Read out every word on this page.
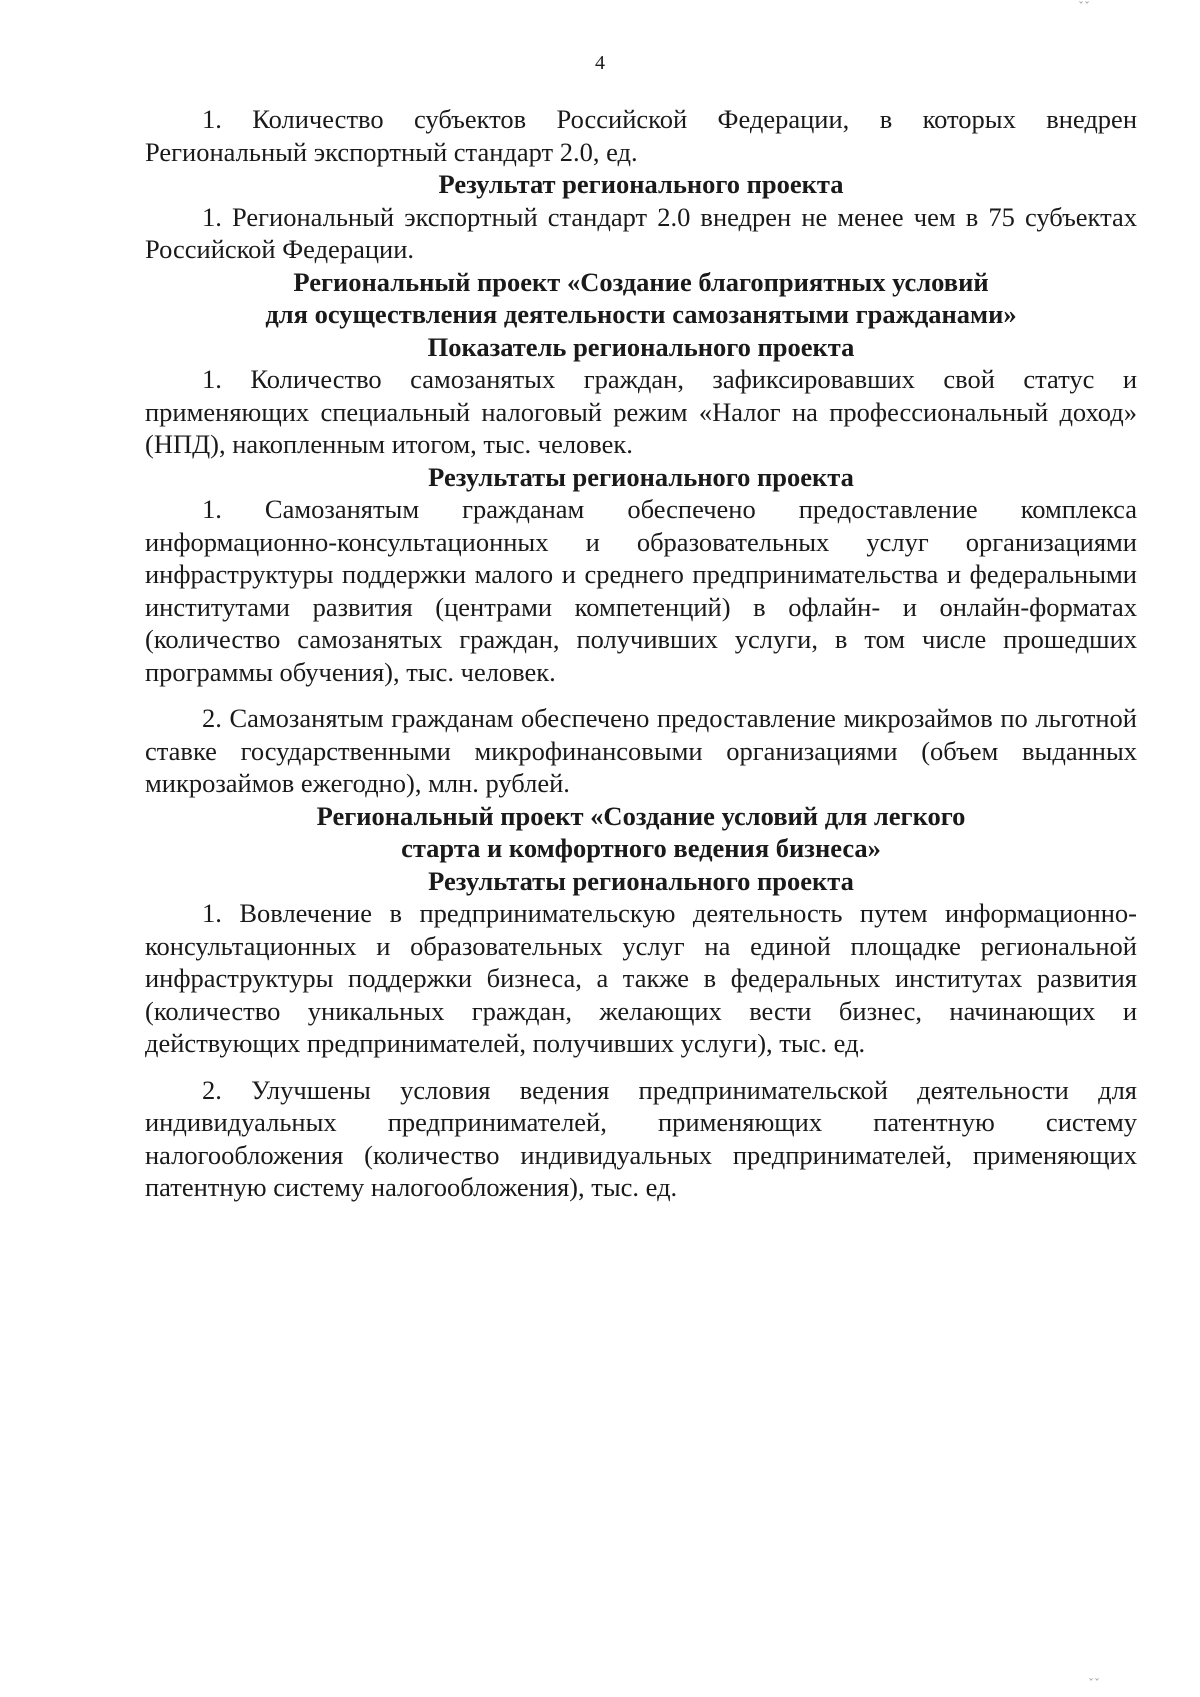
4

1. Количество субъектов Российской Федерации, в которых внедрен Региональный экспортный стандарт 2.0, ед.

Результат регионального проекта

1. Региональный экспортный стандарт 2.0 внедрен не менее чем в 75 субъектах Российской Федерации.

Региональный проект «Создание благоприятных условий
для осуществления деятельности самозанятыми гражданами»
Показатель регионального проекта

1. Количество самозанятых граждан, зафиксировавших свой статус и применяющих специальный налоговый режим «Налог на профессиональный доход» (НПД), накопленным итогом, тыс. человек.

Результаты регионального проекта

1. Самозанятым гражданам обеспечено предоставление комплекса информационно-консультационных и образовательных услуг организациями инфраструктуры поддержки малого и среднего предпринимательства и федеральными институтами развития (центрами компетенций) в офлайн- и онлайн-форматах (количество самозанятых граждан, получивших услуги, в том числе прошедших программы обучения), тыс. человек.

2. Самозанятым гражданам обеспечено предоставление микрозаймов по льготной ставке государственными микрофинансовыми организациями (объем выданных микрозаймов ежегодно), млн. рублей.

Региональный проект «Создание условий для легкого
старта и комфортного ведения бизнеса»
Результаты регионального проекта

1. Вовлечение в предпринимательскую деятельность путем информационно-консультационных и образовательных услуг на единой площадке региональной инфраструктуры поддержки бизнеса, а также в федеральных институтах развития (количество уникальных граждан, желающих вести бизнес, начинающих и действующих предпринимателей, получивших услуги), тыс. ед.

2. Улучшены условия ведения предпринимательской деятельности для индивидуальных предпринимателей, применяющих патентную систему налогообложения (количество индивидуальных предпринимателей, применяющих патентную систему налогообложения), тыс. ед.

ˇˇ
ˇˇ
